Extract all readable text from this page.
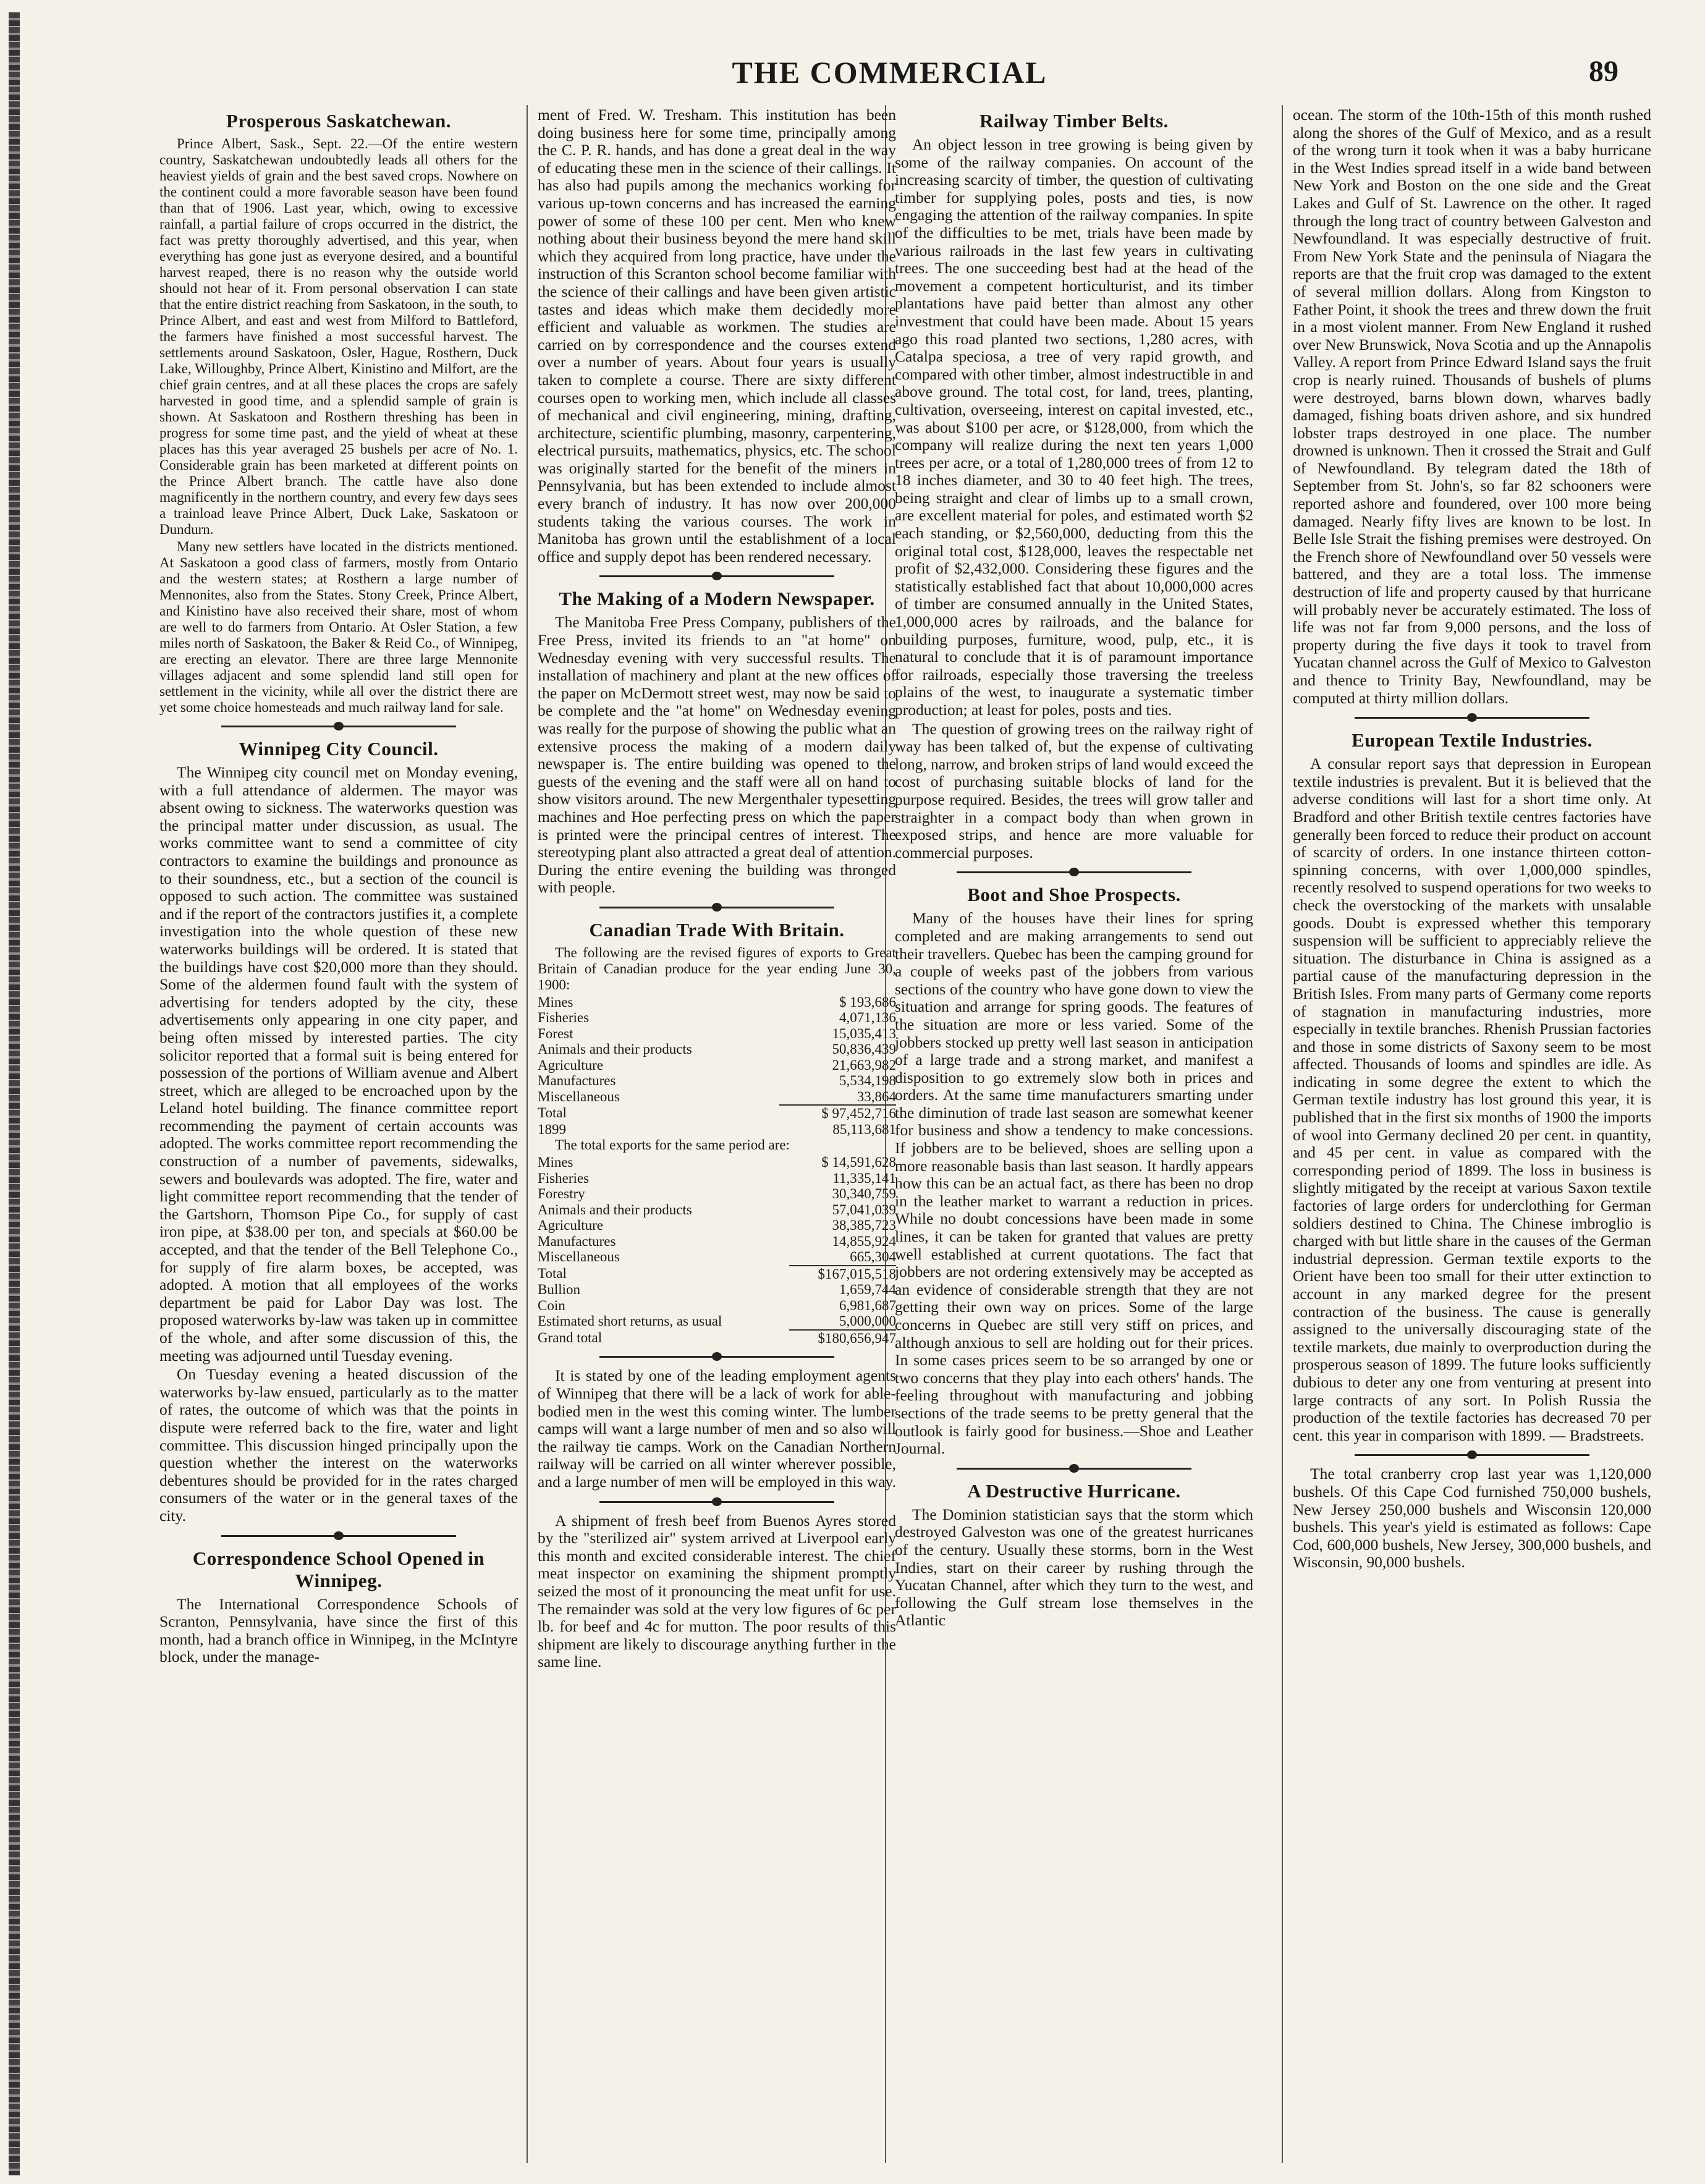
THE COMMERCIAL	89
Prosperous Saskatchewan.

Prince Albert, Sask., Sept. 22.—Of the entire western country, Saskatchewan undoubtedly leads all others for the heaviest yields of grain and the best saved crops. Nowhere on the continent could a more favorable season have been found than that of 1906. Last year, which, owing to excessive rainfall, a partial failure of crops occurred in the district, the fact was pretty thoroughly advertised, and this year, when everything has gone just as everyone desired, and a bountiful harvest reaped, there is no reason why the outside world should not hear of it. From personal observation I can state that the entire district reaching from Saskatoon, in the south, to Prince Albert, and east and west from Milford to Battleford, the farmers have finished a most successful harvest. The settlements around Saskatoon, Osler, Hague, Rosthern, Duck Lake, Willoughby, Prince Albert, Kinistino and Milfort, are the chief grain centres, and at all these places the crops are safely harvested in good time, and a splendid sample of grain is shown. At Saskatoon and Rosthern threshing has been in progress for some time past, and the yield of wheat at these places has this year averaged 25 bushels per acre of No. 1. Considerable grain has been marketed at different points on the Prince Albert branch. The cattle have also done magnificently in the northern country, and every few days sees a trainload leave Prince Albert, Duck Lake, Saskatoon or Dundurn.

Many new settlers have located in the districts mentioned. At Saskatoon a good class of farmers, mostly from Ontario and the western states; at Rosthern a large number of Mennonites, also from the States. Stony Creek, Prince Albert, and Kinistino have also received their share, most of whom are well to do farmers from Ontario. At Osler Station, a few miles north of Saskatoon, the Baker & Reid Co., of Winnipeg, are erecting an elevator. There are three large Mennonite villages adjacent and some splendid land still open for settlement in the vicinity, while all over the district there are yet some choice homesteads and much railway land for sale.

Winnipeg City Council.

The Winnipeg city council met on Monday evening, with a full attendance of aldermen. The mayor was absent owing to sickness. The waterworks question was the principal matter under discussion, as usual. The works committee want to send a committee of city contractors to examine the buildings and pronounce as to their soundness, etc., but a section of the council is opposed to such action. The committee was sustained and if the report of the contractors justifies it, a complete investigation into the whole question of these new waterworks buildings will be ordered. It is stated that the buildings have cost $20,000 more than they should. Some of the aldermen found fault with the system of advertising for tenders adopted by the city, these advertisements only appearing in one city paper, and being often missed by interested parties. The city solicitor reported that a formal suit is being entered for possession of the portions of William avenue and Albert street, which are alleged to be encroached upon by the Leland hotel building. The finance committee report recommending the payment of certain accounts was adopted. The works committee report recommending the construction of a number of pavements, sidewalks, sewers and boulevards was adopted. The fire, water and light committee report recommending that the tender of the Gartshorn, Thomson Pipe Co., for supply of cast iron pipe, at $38.00 per ton, and specials at $60.00 be accepted, and that the tender of the Bell Telephone Co., for supply of fire alarm boxes, be accepted, was adopted. A motion that all employees of the works department be paid for Labor Day was lost. The proposed waterworks by-law was taken up in committee of the whole, and after some discussion of this, the meeting was adjourned until Tuesday evening.

On Tuesday evening a heated discussion of the waterworks by-law ensued, particularly as to the matter of rates, the outcome of which was that the points in dispute were referred back to the fire, water and light committee. This discussion hinged principally upon the question whether the interest on the waterworks debentures should be provided for in the rates charged consumers of the water or in the general taxes of the city.

Correspondence School Opened in Winnipeg.

The International Correspondence Schools of Scranton, Pennsylvania, have since the first of this month, had a branch office in Winnipeg, in the McIntyre block, under the manage-

ment of Fred. W. Tresham. This institution has been doing business here for some time, principally among the C. P. R. hands, and has done a great deal in the way of educating these men in the science of their callings. It has also had pupils among the mechanics working for various up-town concerns and has increased the earning power of some of these 100 per cent. Men who knew nothing about their business beyond the mere hand skill which they acquired from long practice, have under the instruction of this Scranton school become familiar with the science of their callings and have been given artistic tastes and ideas which make them decidedly more efficient and valuable as workmen. The studies are carried on by correspondence and the courses extend over a number of years. About four years is usually taken to complete a course. There are sixty different courses open to working men, which include all classes of mechanical and civil engineering, mining, drafting, architecture, scientific plumbing, masonry, carpentering, electrical pursuits, mathematics, physics, etc. The school was originally started for the benefit of the miners in Pennsylvania, but has been extended to include almost every branch of industry. It has now over 200,000 students taking the various courses. The work in Manitoba has grown until the establishment of a local office and supply depot has been rendered necessary.

The Making of a Modern Newspaper.

The Manitoba Free Press Company, publishers of the Free Press, invited its friends to an "at home" on Wednesday evening with very successful results. The installation of machinery and plant at the new offices of the paper on McDermott street west, may now be said to be complete and the "at home" on Wednesday evening was really for the purpose of showing the public what an extensive process the making of a modern daily newspaper is. The entire building was opened to the guests of the evening and the staff were all on hand to show visitors around. The new Mergenthaler typesetting machines and Hoe perfecting press on which the paper is printed were the principal centres of interest. The stereotyping plant also attracted a great deal of attention. During the entire evening the building was thronged with people.

Canadian Trade With Britain.

The following are the revised figures of exports to Great Britain of Canadian produce for the year ending June 30, 1900:

Mines	$ 193,686
Fisheries	4,071,136
Forest	15,035,413
Animals and their products	50,836,439
Agriculture	21,663,982
Manufactures	5,534,198
Miscellaneous	33,864
Total	$ 97,452,716
1899	85,113,681

The total exports for the same period are:

Mines	$ 14,591,628
Fisheries	11,335,141
Forestry	30,340,759
Animals and their products	57,041,039
Agriculture	38,385,723
Manufactures	14,855,924
Miscellaneous	665,304
Total	$167,015,518
Bullion	1,659,744
Coin	6,981,687
Estimated short returns, as usual	5,000,000
Grand total	$180,656,947

It is stated by one of the leading employment agents of Winnipeg that there will be a lack of work for able-bodied men in the west this coming winter. The lumber camps will want a large number of men and so also will the railway tie camps. Work on the Canadian Northern railway will be carried on all winter wherever possible, and a large number of men will be employed in this way.

A shipment of fresh beef from Buenos Ayres stored by the "sterilized air" system arrived at Liverpool early this month and excited considerable interest. The chief meat inspector on examining the shipment promptly seized the most of it pronouncing the meat unfit for use. The remainder was sold at the very low figures of 6c per lb. for beef and 4c for mutton. The poor results of this shipment are likely to discourage anything further in the same line.

Railway Timber Belts.

An object lesson in tree growing is being given by some of the railway companies. On account of the increasing scarcity of timber, the question of cultivating timber for supplying poles, posts and ties, is now engaging the attention of the railway companies. In spite of the difficulties to be met, trials have been made by various railroads in the last few years in cultivating trees. The one succeeding best had at the head of the movement a competent horticulturist, and its timber plantations have paid better than almost any other investment that could have been made. About 15 years ago this road planted two sections, 1,280 acres, with Catalpa speciosa, a tree of very rapid growth, and compared with other timber, almost indestructible in and above ground. The total cost, for land, trees, planting, cultivation, overseeing, interest on capital invested, etc., was about $100 per acre, or $128,000, from which the company will realize during the next ten years 1,000 trees per acre, or a total of 1,280,000 trees of from 12 to 18 inches diameter, and 30 to 40 feet high. The trees, being straight and clear of limbs up to a small crown, are excellent material for poles, and estimated worth $2 each standing, or $2,560,000, deducting from this the original total cost, $128,000, leaves the respectable net profit of $2,432,000. Considering these figures and the statistically established fact that about 10,000,000 acres of timber are consumed annually in the United States, 1,000,000 acres by railroads, and the balance for building purposes, furniture, wood, pulp, etc., it is natural to conclude that it is of paramount importance for railroads, especially those traversing the treeless plains of the west, to inaugurate a systematic timber production; at least for poles, posts and ties.

The question of growing trees on the railway right of way has been talked of, but the expense of cultivating long, narrow, and broken strips of land would exceed the cost of purchasing suitable blocks of land for the purpose required. Besides, the trees will grow taller and straighter in a compact body than when grown in exposed strips, and hence are more valuable for commercial purposes.

Boot and Shoe Prospects.

Many of the houses have their lines for spring completed and are making arrangements to send out their travellers. Quebec has been the camping ground for a couple of weeks past of the jobbers from various sections of the country who have gone down to view the situation and arrange for spring goods. The features of the situation are more or less varied. Some of the jobbers stocked up pretty well last season in anticipation of a large trade and a strong market, and manifest a disposition to go extremely slow both in prices and orders. At the same time manufacturers smarting under the diminution of trade last season are somewhat keener for business and show a tendency to make concessions. If jobbers are to be believed, shoes are selling upon a more reasonable basis than last season. It hardly appears how this can be an actual fact, as there has been no drop in the leather market to warrant a reduction in prices. While no doubt concessions have been made in some lines, it can be taken for granted that values are pretty well established at current quotations. The fact that jobbers are not ordering extensively may be accepted as an evidence of considerable strength that they are not getting their own way on prices. Some of the large concerns in Quebec are still very stiff on prices, and although anxious to sell are holding out for their prices. In some cases prices seem to be so arranged by one or two concerns that they play into each others' hands. The feeling throughout with manufacturing and jobbing sections of the trade seems to be pretty general that the outlook is fairly good for business.—Shoe and Leather Journal.

A Destructive Hurricane.

The Dominion statistician says that the storm which destroyed Galveston was one of the greatest hurricanes of the century. Usually these storms, born in the West Indies, start on their career by rushing through the Yucatan Channel, after which they turn to the west, and following the Gulf stream lose themselves in the Atlantic

ocean. The storm of the 10th-15th of this month rushed along the shores of the Gulf of Mexico, and as a result of the wrong turn it took when it was a baby hurricane in the West Indies spread itself in a wide band between New York and Boston on the one side and the Great Lakes and Gulf of St. Lawrence on the other. It raged through the long tract of country between Galveston and Newfoundland. It was especially destructive of fruit. From New York State and the peninsula of Niagara the reports are that the fruit crop was damaged to the extent of several million dollars. Along from Kingston to Father Point, it shook the trees and threw down the fruit in a most violent manner. From New England it rushed over New Brunswick, Nova Scotia and up the Annapolis Valley. A report from Prince Edward Island says the fruit crop is nearly ruined. Thousands of bushels of plums were destroyed, barns blown down, wharves badly damaged, fishing boats driven ashore, and six hundred lobster traps destroyed in one place. The number drowned is unknown. Then it crossed the Strait and Gulf of Newfoundland. By telegram dated the 18th of September from St. John's, so far 82 schooners were reported ashore and foundered, over 100 more being damaged. Nearly fifty lives are known to be lost. In Belle Isle Strait the fishing premises were destroyed. On the French shore of Newfoundland over 50 vessels were battered, and they are a total loss. The immense destruction of life and property caused by that hurricane will probably never be accurately estimated. The loss of life was not far from 9,000 persons, and the loss of property during the five days it took to travel from Yucatan channel across the Gulf of Mexico to Galveston and thence to Trinity Bay, Newfoundland, may be computed at thirty million dollars.

European Textile Industries.

A consular report says that depression in European textile industries is prevalent. But it is believed that the adverse conditions will last for a short time only. At Bradford and other British textile centres factories have generally been forced to reduce their product on account of scarcity of orders. In one instance thirteen cotton-spinning concerns, with over 1,000,000 spindles, recently resolved to suspend operations for two weeks to check the overstocking of the markets with unsalable goods. Doubt is expressed whether this temporary suspension will be sufficient to appreciably relieve the situation. The disturbance in China is assigned as a partial cause of the manufacturing depression in the British Isles. From many parts of Germany come reports of stagnation in manufacturing industries, more especially in textile branches. Rhenish Prussian factories and those in some districts of Saxony seem to be most affected. Thousands of looms and spindles are idle. As indicating in some degree the extent to which the German textile industry has lost ground this year, it is published that in the first six months of 1900 the imports of wool into Germany declined 20 per cent. in quantity, and 45 per cent. in value as compared with the corresponding period of 1899. The loss in business is slightly mitigated by the receipt at various Saxon textile factories of large orders for underclothing for German soldiers destined to China. The Chinese imbroglio is charged with but little share in the causes of the German industrial depression. German textile exports to the Orient have been too small for their utter extinction to account in any marked degree for the present contraction of the business. The cause is generally assigned to the universally discouraging state of the textile markets, due mainly to overproduction during the prosperous season of 1899. The future looks sufficiently dubious to deter any one from venturing at present into large contracts of any sort. In Polish Russia the production of the textile factories has decreased 70 per cent. this year in comparison with 1899. — Bradstreets.

The total cranberry crop last year was 1,120,000 bushels. Of this Cape Cod furnished 750,000 bushels, New Jersey 250,000 bushels and Wisconsin 120,000 bushels. This year's yield is estimated as follows: Cape Cod, 600,000 bushels, New Jersey, 300,000 bushels, and Wisconsin, 90,000 bushels.
